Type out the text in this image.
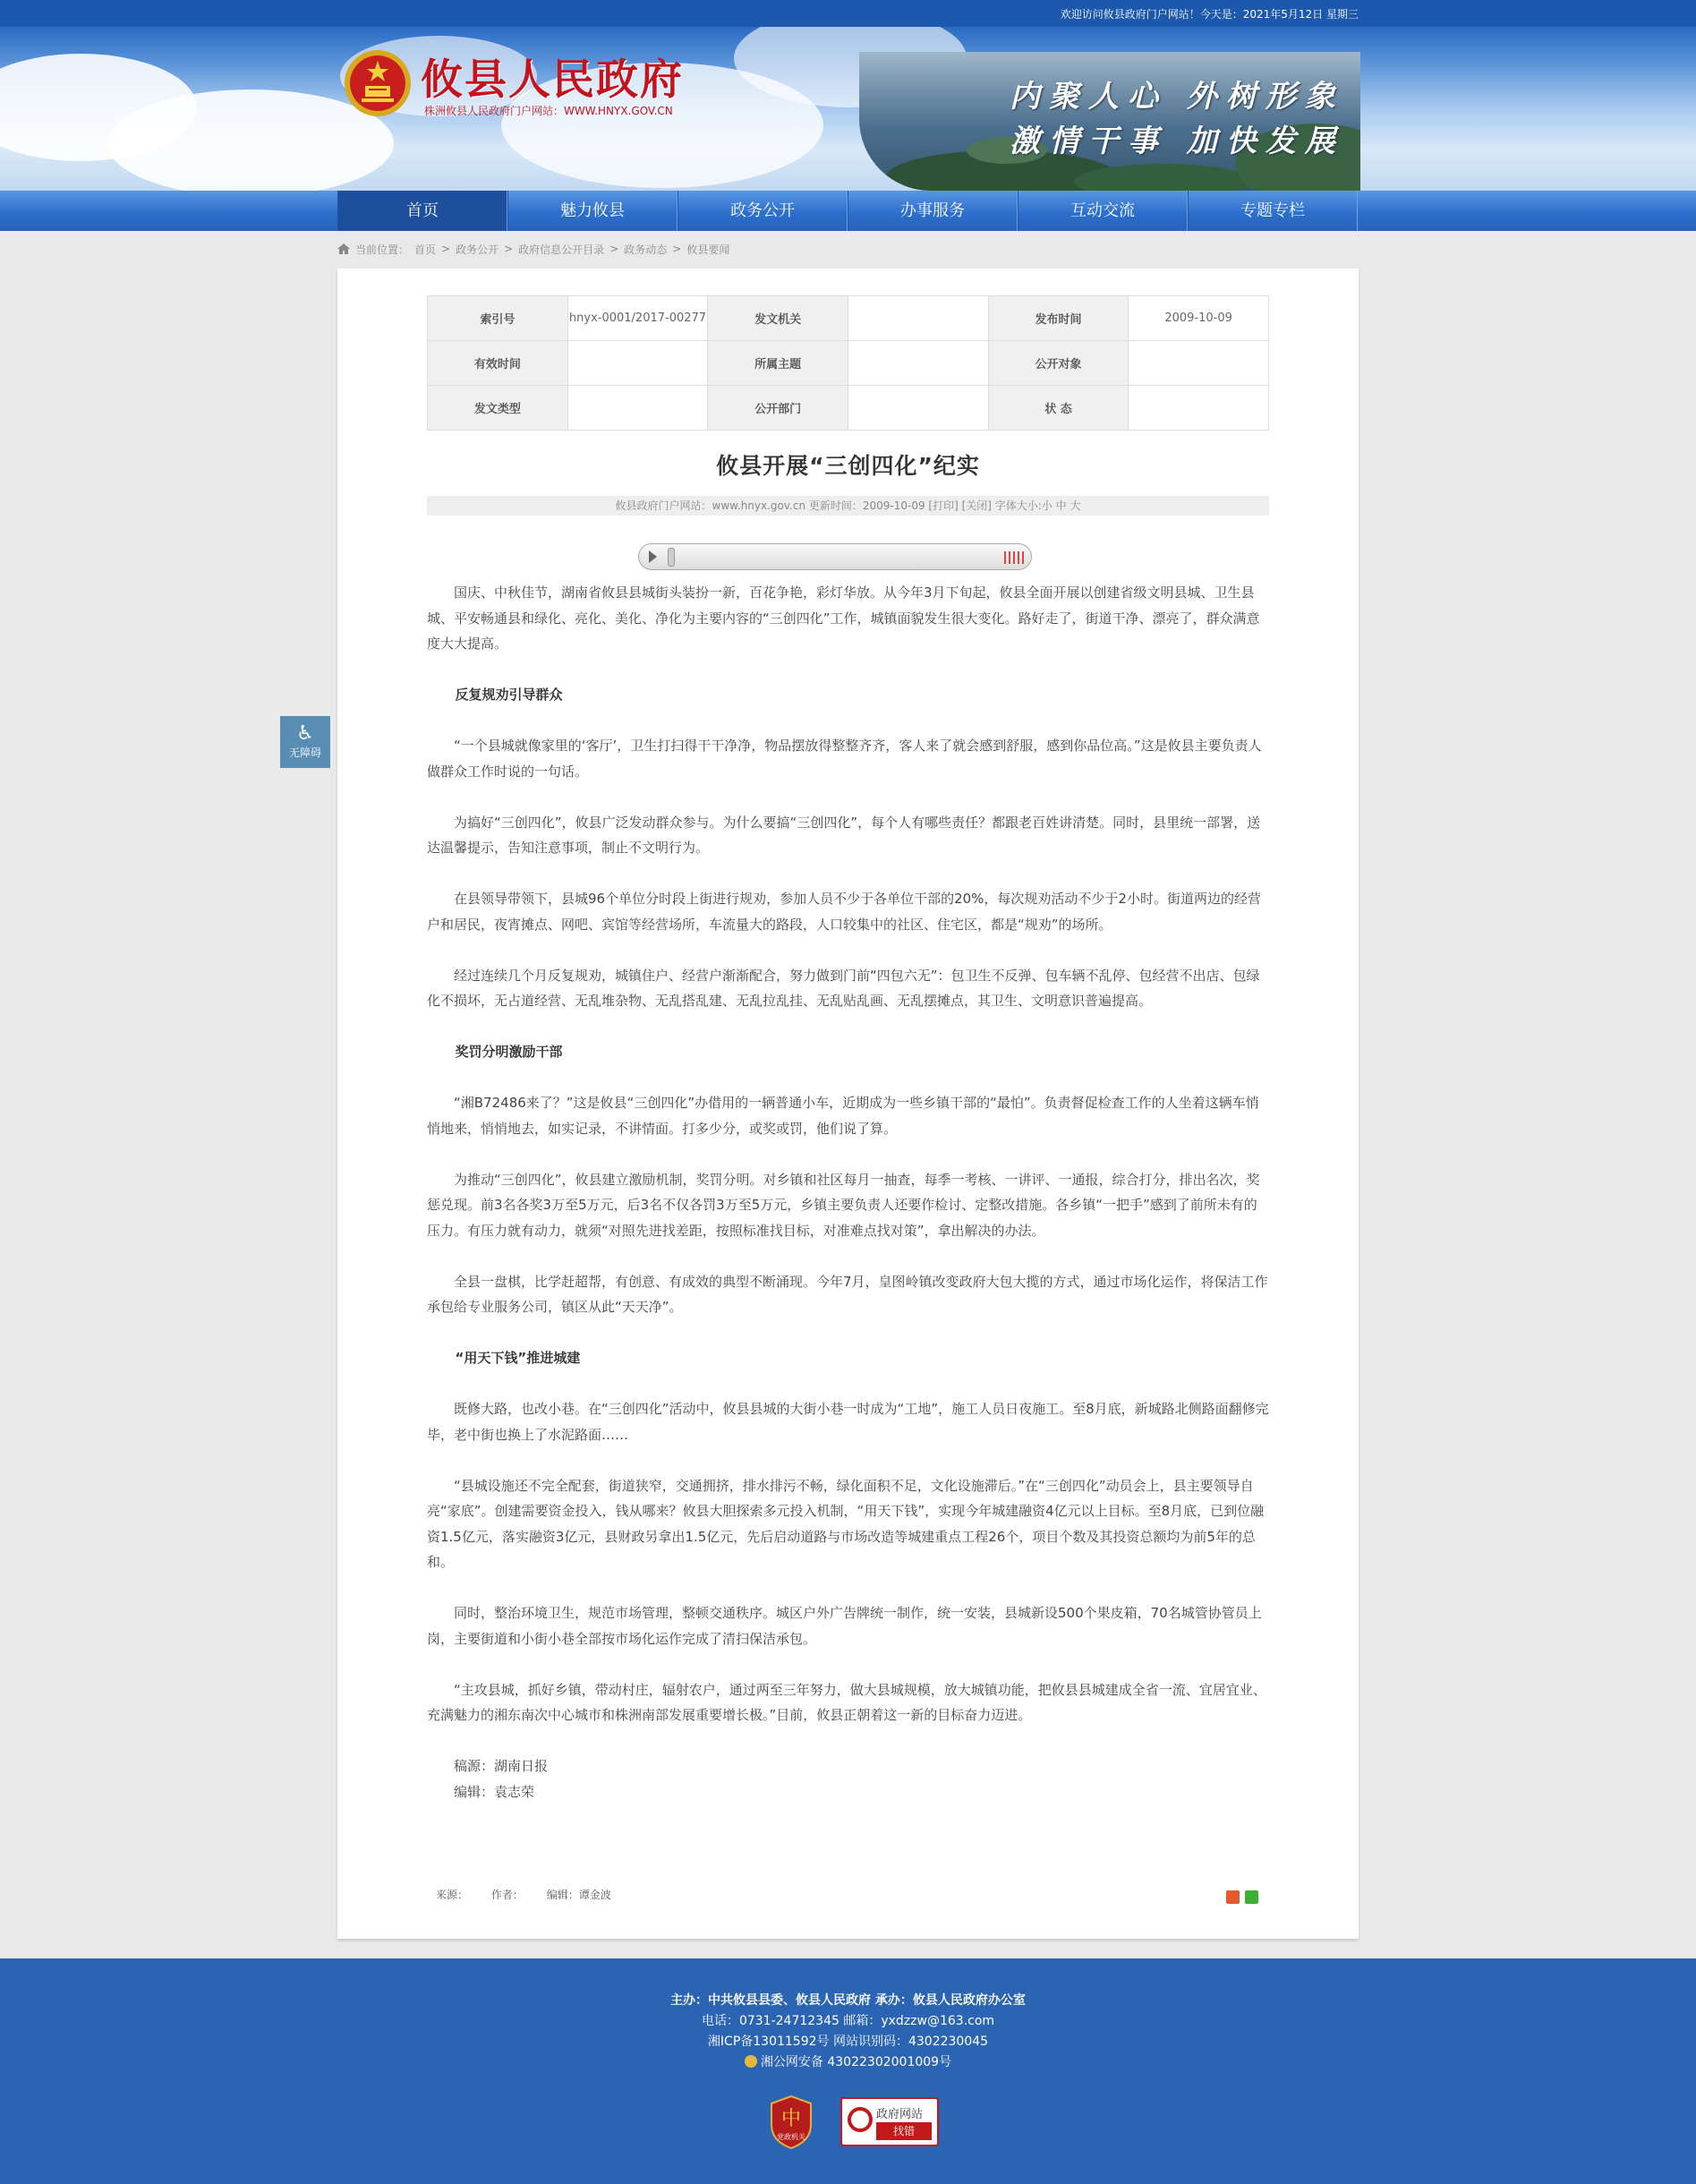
欢迎访问攸县政府门户网站！今天是：2021年5月12日 星期三
内聚人心 外树形象
激情干事 加快发展
攸县人民政府
株洲攸县人民政府门户网站：WWW.HNYX.GOV.CN
首页	魅力攸县	政务公开	办事服务	互动交流	专题专栏
当前位置： 首页 > 政务公开 > 政府信息公开目录 > 政务动态 > 攸县要闻
♿
无障碍
索引号	hnyx-0001/2017-00277	发文机关		发布时间	2009-10-09
有效时间		所属主题		公开对象	
发文类型		公开部门		状 态	
攸县开展“三创四化”纪实
攸县政府门户网站：www.hnyx.gov.cn 更新时间：2009-10-09 [打印] [关闭] 字体大小:小 中 大

国庆、中秋佳节，湖南省攸县县城街头装扮一新，百花争艳，彩灯华放。从今年3月下旬起，攸县全面开展以创建省级文明县城、卫生县城、平安畅通县和绿化、亮化、美化、净化为主要内容的“三创四化”工作，城镇面貌发生很大变化。路好走了，街道干净、漂亮了，群众满意度大大提高。

反复规劝引导群众

“一个县城就像家里的‘客厅’，卫生打扫得干干净净，物品摆放得整整齐齐，客人来了就会感到舒服，感到你品位高。”这是攸县主要负责人做群众工作时说的一句话。

为搞好“三创四化”，攸县广泛发动群众参与。为什么要搞“三创四化”，每个人有哪些责任？都跟老百姓讲清楚。同时，县里统一部署，送达温馨提示，告知注意事项，制止不文明行为。

在县领导带领下，县城96个单位分时段上街进行规劝，参加人员不少于各单位干部的20%，每次规劝活动不少于2小时。街道两边的经营户和居民，夜宵摊点、网吧、宾馆等经营场所，车流量大的路段，人口较集中的社区、住宅区，都是“规劝”的场所。

经过连续几个月反复规劝，城镇住户、经营户渐渐配合，努力做到门前“四包六无”：包卫生不反弹、包车辆不乱停、包经营不出店、包绿化不损坏，无占道经营、无乱堆杂物、无乱搭乱建、无乱拉乱挂、无乱贴乱画、无乱摆摊点，其卫生、文明意识普遍提高。

奖罚分明激励干部

“湘B72486来了？”这是攸县“三创四化”办借用的一辆普通小车，近期成为一些乡镇干部的“最怕”。负责督促检查工作的人坐着这辆车悄悄地来，悄悄地去，如实记录，不讲情面。打多少分，或奖或罚，他们说了算。

为推动“三创四化”，攸县建立激励机制，奖罚分明。对乡镇和社区每月一抽查，每季一考核、一讲评、一通报，综合打分，排出名次，奖惩兑现。前3名各奖3万至5万元，后3名不仅各罚3万至5万元，乡镇主要负责人还要作检讨、定整改措施。各乡镇“一把手”感到了前所未有的压力。有压力就有动力，就须“对照先进找差距，按照标准找目标，对准难点找对策”，拿出解决的办法。

全县一盘棋，比学赶超帮，有创意、有成效的典型不断涌现。今年7月，皇图岭镇改变政府大包大揽的方式，通过市场化运作，将保洁工作承包给专业服务公司，镇区从此“天天净”。

“用天下钱”推进城建

既修大路，也改小巷。在“三创四化”活动中，攸县县城的大街小巷一时成为“工地”，施工人员日夜施工。至8月底，新城路北侧路面翻修完毕，老中街也换上了水泥路面……

“县城设施还不完全配套，街道狭窄，交通拥挤，排水排污不畅，绿化面积不足，文化设施滞后。”在“三创四化”动员会上，县主要领导自亮“家底”。创建需要资金投入，钱从哪来？攸县大胆探索多元投入机制，“用天下钱”，实现今年城建融资4亿元以上目标。至8月底，已到位融资1.5亿元，落实融资3亿元，县财政另拿出1.5亿元，先后启动道路与市场改造等城建重点工程26个，项目个数及其投资总额均为前5年的总和。

同时，整治环境卫生，规范市场管理，整顿交通秩序。城区户外广告牌统一制作，统一安装，县城新设500个果皮箱，70名城管协管员上岗，主要街道和小街小巷全部按市场化运作完成了清扫保洁承包。

“主攻县城，抓好乡镇，带动村庄，辐射农户，通过两至三年努力，做大县城规模，放大城镇功能，把攸县县城建成全省一流、宜居宜业、充满魅力的湘东南次中心城市和株洲南部发展重要增长极。”目前，攸县正朝着这一新的目标奋力迈进。

稿源：湖南日报

编辑：袁志荣

来源： 作者： 编辑：谭金波
主办：中共攸县县委、攸县人民政府 承办：攸县人民政府办公室
电话：0731-24712345 邮箱：yxdzzw@163.com
湘ICP备13011592号 网站识别码：4302230045
湘公网安备 43022302001009号
中
党政机关
政府网站
找错
